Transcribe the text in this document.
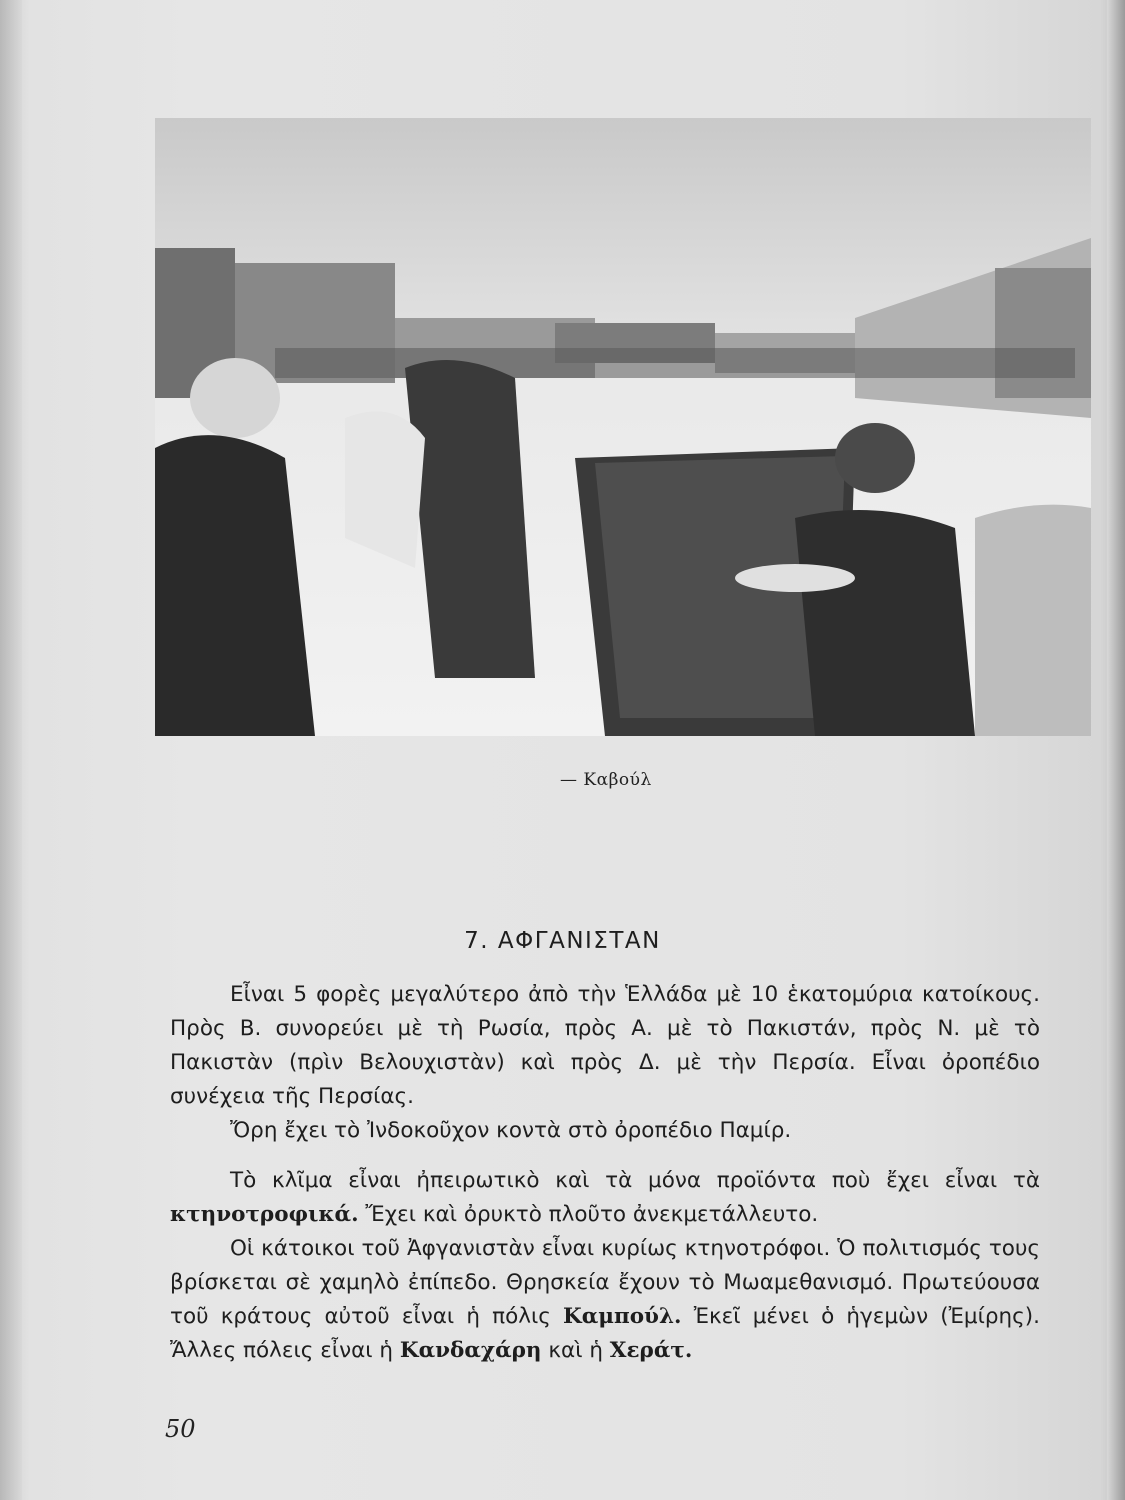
— Καβούλ
7. ΑΦΓΑΝΙΣΤΑΝ

Εἶναι 5 φορὲς μεγαλύτερο ἀπὸ τὴν Ἑλλάδα μὲ 10 ἑκατομύρια κατοίκους. Πρὸς Β. συνορεύει μὲ τὴ Ρωσία, πρὸς Α. μὲ τὸ Πακιστάν, πρὸς Ν. μὲ τὸ Πακιστὰν (πρὶν Βελουχιστὰν) καὶ πρὸς Δ. μὲ τὴν Περσία. Εἶναι ὀροπέδιο συνέχεια τῆς Περσίας.

Ὄρη ἔχει τὸ Ἰνδοκοῦχον κοντὰ στὸ ὀροπέδιο Παμίρ.

Τὸ κλῖμα εἶναι ἠπειρωτικὸ καὶ τὰ μόνα προϊόντα ποὺ ἔχει εἶναι τὰ κτηνοτροφικά. Ἔχει καὶ ὀρυκτὸ πλοῦτο ἀνεκμετάλλευτο.

Οἱ κάτοικοι τοῦ Ἀφγανιστὰν εἶναι κυρίως κτηνοτρόφοι. Ὁ πολιτισμός τους βρίσκεται σὲ χαμηλὸ ἐπίπεδο. Θρησκεία ἔχουν τὸ Μωαμεθανισμό. Πρωτεύουσα τοῦ κράτους αὐτοῦ εἶναι ἡ πόλις Καμπούλ. Ἐκεῖ μένει ὁ ἡγεμὼν (Ἐμίρης). Ἄλλες πόλεις εἶναι ἡ Κανδαχάρη καὶ ἡ Χεράτ.

50
